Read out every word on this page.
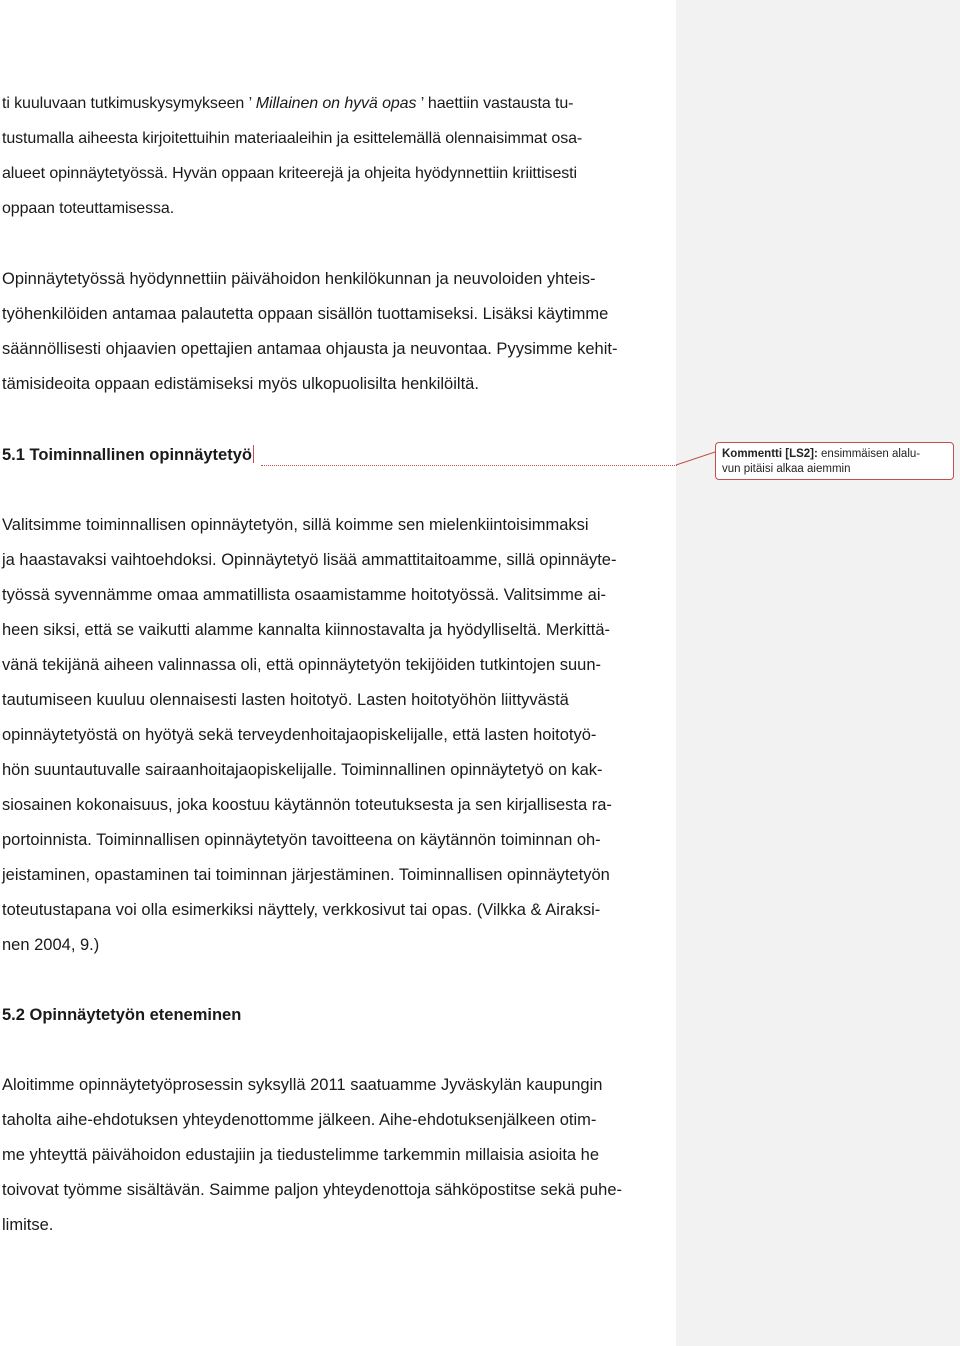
ti kuuluvaan tutkimuskysymykseen ’ Millainen on hyvä opas ’ haettiin vastausta tu-
tustumalla aiheesta kirjoitettuihin materiaaleihin ja esittelemällä olennaisimmat osa-
alueet opinnäytetyössä. Hyvän oppaan kriteerejä ja ohjeita hyödynnettiin kriittisesti
oppaan toteuttamisessa.
Opinnäytetyössä hyödynnettiin päivähoidon henkilökunnan ja neuvoloiden yhteis-
työhenkilöiden antamaa palautetta oppaan sisällön tuottamiseksi. Lisäksi käytimme
säännöllisesti ohjaavien opettajien antamaa ohjausta ja neuvontaa. Pyysimme kehit-
tämisideoita oppaan edistämiseksi myös ulkopuolisilta henkilöiltä.
5.1 Toiminnallinen opinnäytetyö
Valitsimme toiminnallisen opinnäytetyön, sillä koimme sen mielenkiintoisimmaksi
ja haastavaksi vaihtoehdoksi. Opinnäytetyö lisää ammattitaitoamme, sillä opinnäyte-
työssä syvennämme omaa ammatillista osaamistamme hoitotyössä. Valitsimme ai-
heen siksi, että se vaikutti alamme kannalta kiinnostavalta ja hyödylliseltä. Merkittä-
vänä tekijänä aiheen valinnassa oli, että opinnäytetyön tekijöiden tutkintojen suun-
tautumiseen kuuluu olennaisesti lasten hoitotyö. Lasten hoitotyöhön liittyvästä
opinnäytetyöstä on hyötyä sekä terveydenhoitajaopiskelijalle, että lasten hoitotyö-
hön suuntautuvalle sairaanhoitajaopiskelijalle. Toiminnallinen opinnäytetyö on kak-
siosainen kokonaisuus, joka koostuu käytännön toteutuksesta ja sen kirjallisesta ra-
portoinnista. Toiminnallisen opinnäytetyön tavoitteena on käytännön toiminnan oh-
jeistaminen, opastaminen tai toiminnan järjestäminen. Toiminnallisen opinnäytetyön
toteutustapana voi olla esimerkiksi näyttely, verkkosivut tai opas. (Vilkka & Airaksi-
nen 2004, 9.)
5.2 Opinnäytetyön eteneminen
Aloitimme opinnäytetyöprosessin syksyllä 2011 saatuamme Jyväskylän kaupungin
taholta aihe-ehdotuksen yhteydenottomme jälkeen. Aihe-ehdotuksenjälkeen otim-
me yhteyttä päivähoidon edustajiin ja tiedustelimme tarkemmin millaisia asioita he
toivovat työmme sisältävän. Saimme paljon yhteydenottoja sähköpostitse sekä puhe-
limitse.
Kommentti [LS2]: ensimmäisen alalu-
vun pitäisi alkaa aiemmin
